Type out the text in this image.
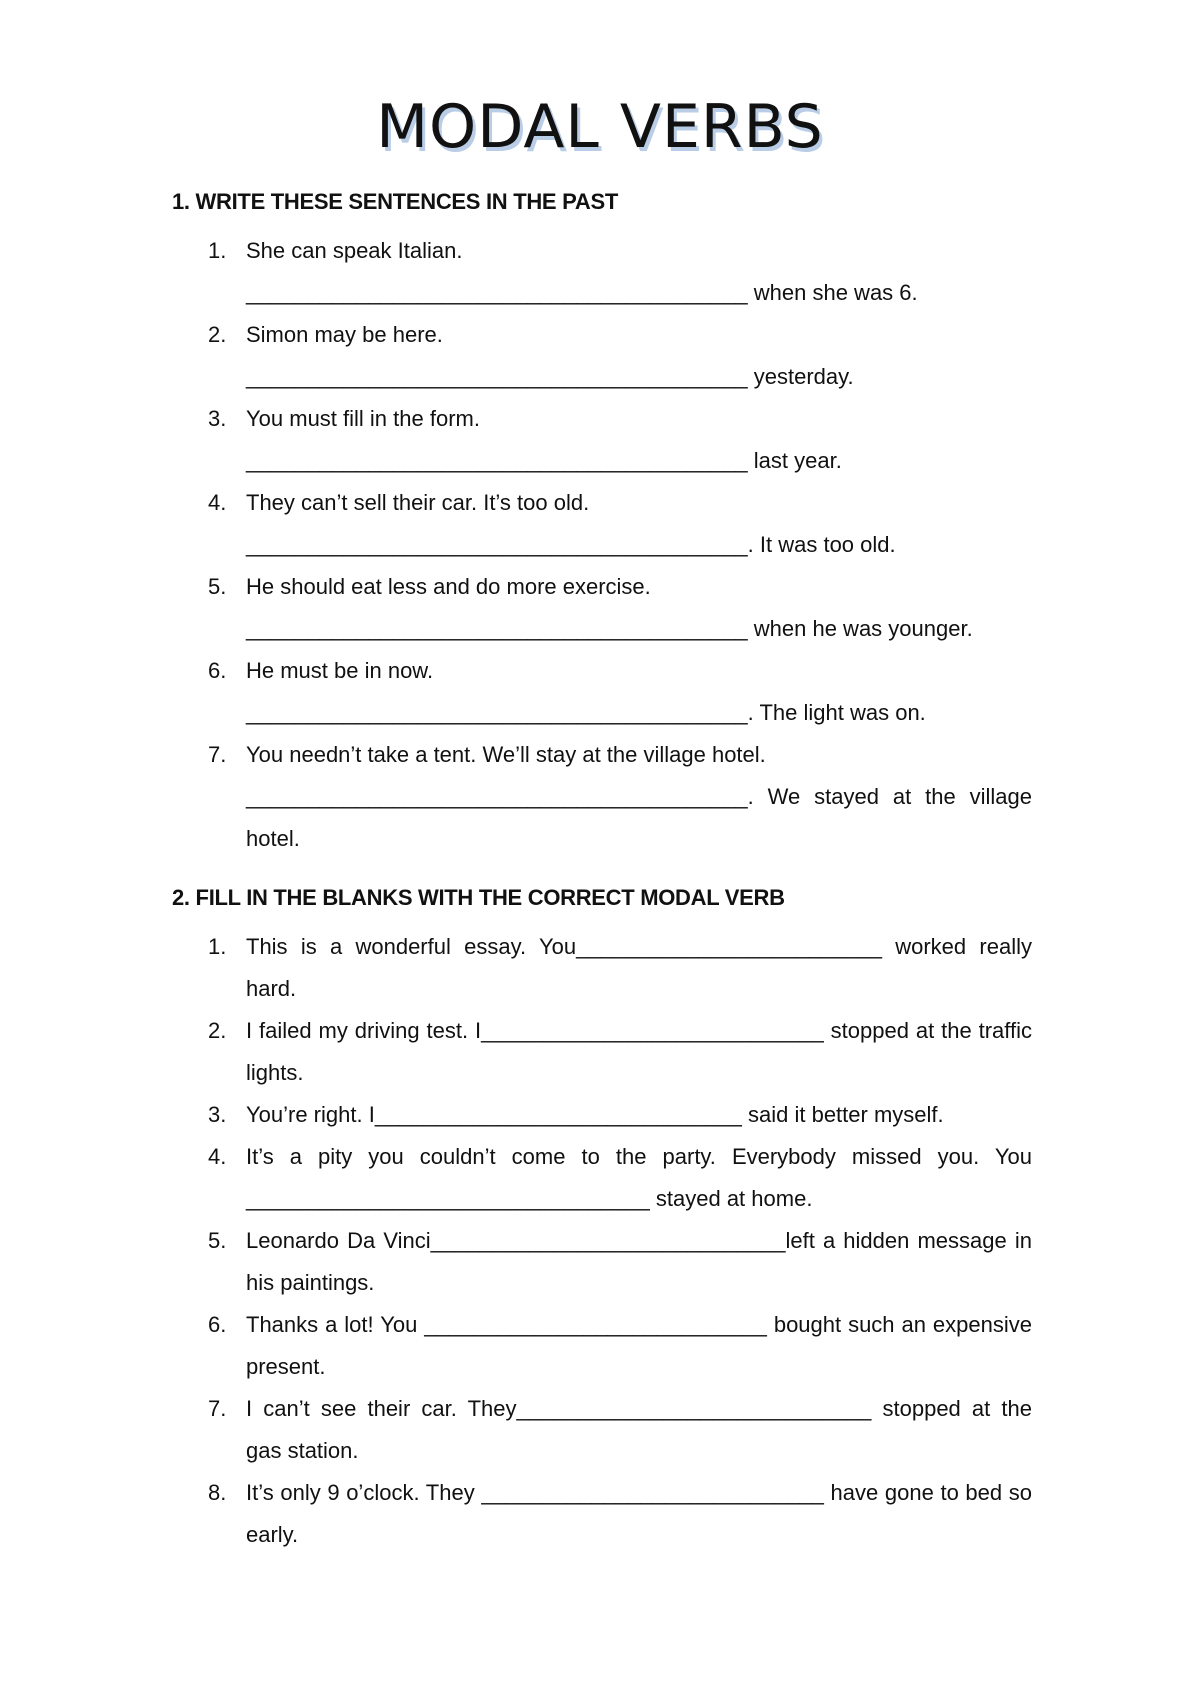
MODAL VERBS
1. WRITE THESE SENTENCES IN THE PAST
1. She can speak Italian.
_________________________________________ when she was 6.
2. Simon may be here.
_________________________________________ yesterday.
3. You must fill in the form.
_________________________________________ last year.
4. They can’t sell their car. It’s too old.
_________________________________________. It was too old.
5. He should eat less and do more exercise.
_________________________________________ when he was younger.
6. He must be in now.
_________________________________________. The light was on.
7. You needn’t take a tent. We’ll stay at the village hotel.
_________________________________________. We stayed at the village hotel.
2. FILL IN THE BLANKS WITH THE CORRECT MODAL VERB
1. This is a wonderful essay. You_________________________ worked really hard.
2. I failed my driving test. I____________________________ stopped at the traffic lights.
3. You’re right. I______________________________ said it better myself.
4. It’s a pity you couldn’t come to the party. Everybody missed you. You _________________________________ stayed at home.
5. Leonardo Da Vinci_____________________________left a hidden message in his paintings.
6. Thanks a lot! You ____________________________ bought such an expensive present.
7. I can’t see their car. They_____________________________ stopped at the gas station.
8. It’s only 9 o’clock. They ____________________________ have gone to bed so early.
